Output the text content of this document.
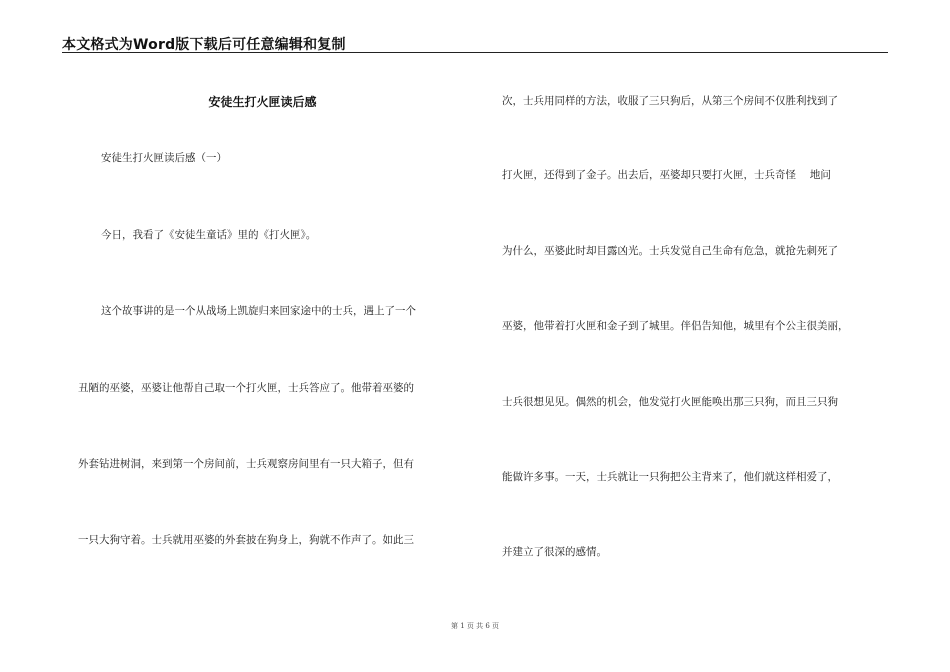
本文格式为Word版下载后可任意编辑和复制
安徒生打火匣读后感
安徒生打火匣读后感（一）
今日，我看了《安徒生童话》里的《打火匣》。
这个故事讲的是一个从战场上凯旋归来回家途中的士兵，遇上了一个
丑陋的巫婆，巫婆让他帮自己取一个打火匣，士兵答应了。他带着巫婆的
外套钻进树洞，来到第一个房间前，士兵观察房间里有一只大箱子，但有
一只大狗守着。士兵就用巫婆的外套披在狗身上，狗就不作声了。如此三
次，士兵用同样的方法，收服了三只狗后，从第三个房间不仅胜利找到了
打火匣，还得到了金子。出去后，巫婆却只要打火匣，士兵奇怪　 地问
为什么，巫婆此时却目露凶光。士兵发觉自己生命有危急，就抢先刺死了
巫婆，他带着打火匣和金子到了城里。伴侣告知他，城里有个公主很美丽，
士兵很想见见。偶然的机会，他发觉打火匣能唤出那三只狗，而且三只狗
能做许多事。一天，士兵就让一只狗把公主背来了，他们就这样相爱了，
并建立了很深的感情。
第 1 页 共 6 页
